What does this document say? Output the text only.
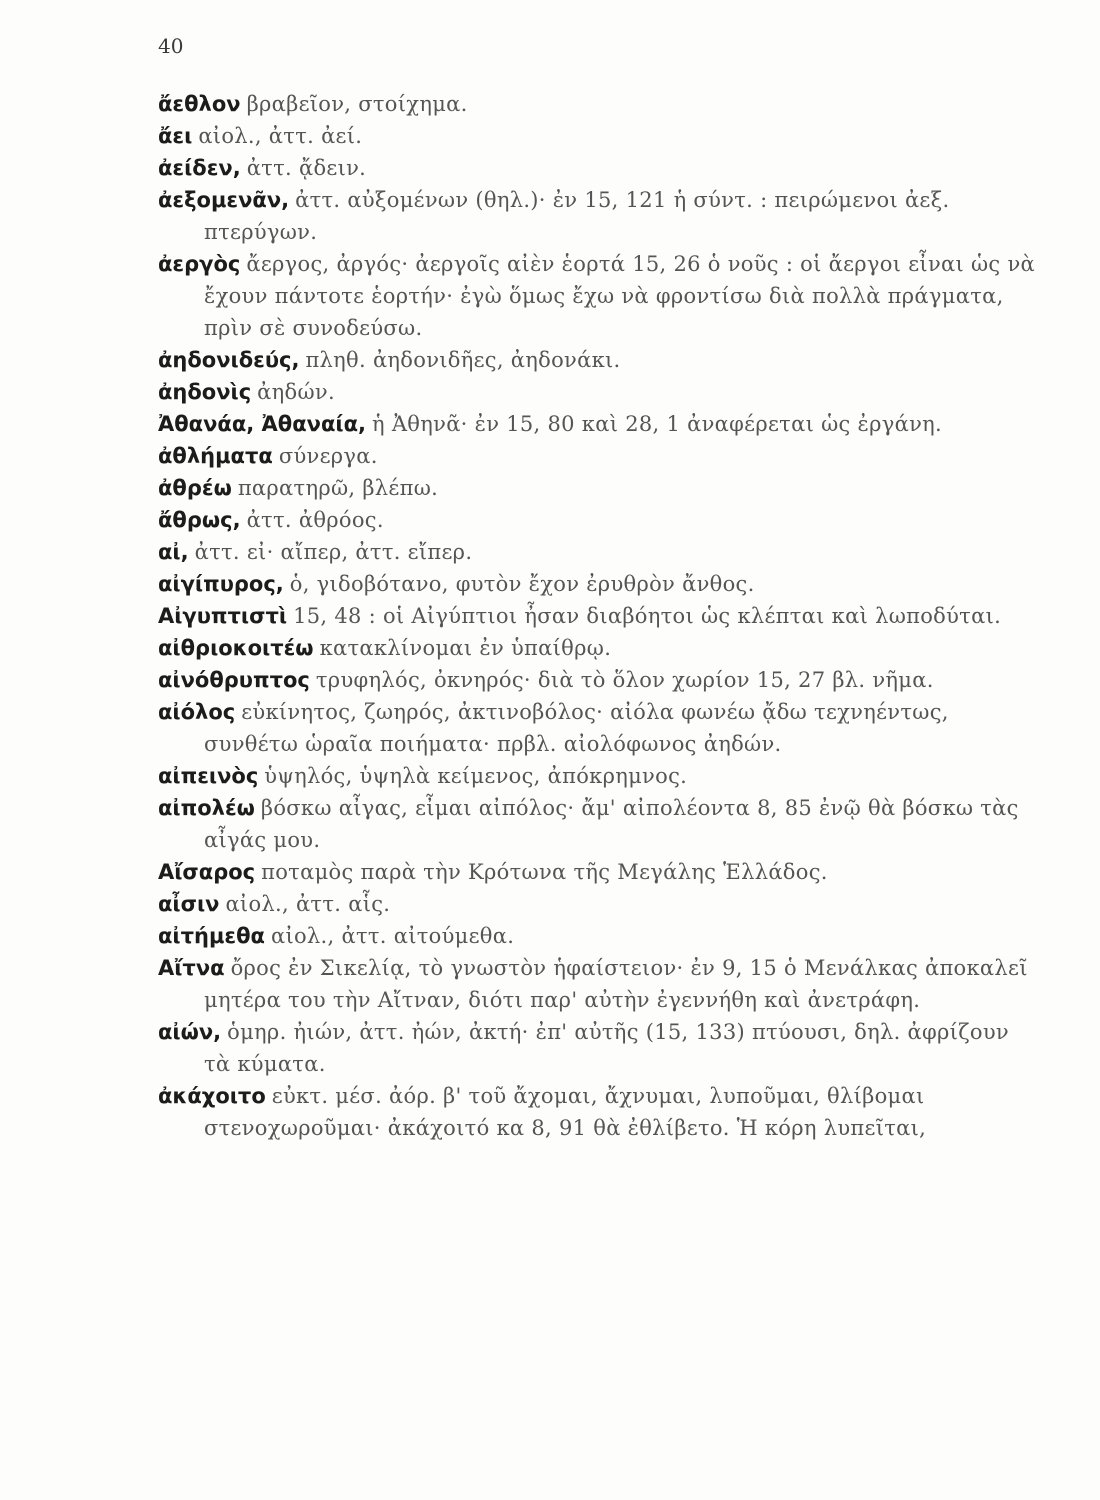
40

ἄεθλον βραβεῖον, στοίχημα.

ἄει αἰολ., ἀττ. ἀεί.

ἀείδεν, ἀττ. ᾄδειν.

ἀεξομενᾶν, ἀττ. αὐξομένων (θηλ.)· ἐν 15, 121 ἡ σύντ. : πειρώμενοι ἀεξ. πτερύγων.

ἀεργὸς ἄεργος, ἀργός· ἀεργοῖς αἰὲν ἑορτά 15, 26 ὁ νοῦς : οἱ ἄεργοι εἶναι ὡς νὰ ἔχουν πάντοτε ἑορτήν· ἐγὼ ὅμως ἔχω νὰ φροντίσω διὰ πολλὰ πράγματα, πρὶν σὲ συνοδεύσω.

ἀηδονιδεύς, πληθ. ἀηδονιδῆες, ἀηδονάκι.

ἀηδονὶς ἀηδών.

Ἀθανάα, Ἀθαναία, ἡ Ἀθηνᾶ· ἐν 15, 80 καὶ 28, 1 ἀναφέρεται ὡς ἐργάνη.

ἀθλήματα σύνεργα.

ἀθρέω παρατηρῶ, βλέπω.

ἄθρως, ἀττ. ἀθρόος.

αἰ, ἀττ. εἰ· αἴπερ, ἀττ. εἴπερ.

αἰγίπυρος, ὁ, γιδοβότανο, φυτὸν ἔχον ἐρυθρὸν ἄνθος.

Αἰγυπτιστὶ 15, 48 : οἱ Αἰγύπτιοι ἦσαν διαβόητοι ὡς κλέπται καὶ λωποδύται.

αἰθριοκοιτέω κατακλίνομαι ἐν ὑπαίθρῳ.

αἰνόθρυπτος τρυφηλός, ὀκνηρός· διὰ τὸ ὅλον χωρίον 15, 27 βλ. νῆμα.

αἰόλος εὐκίνητος, ζωηρός, ἀκτινοβόλος· αἰόλα φωνέω ᾄδω τεχνηέντως, συνθέτω ὡραῖα ποιήματα· πρβλ. αἰολόφωνος ἀηδών.

αἰπεινὸς ὑψηλός, ὑψηλὰ κείμενος, ἀπόκρημνος.

αἰπολέω βόσκω αἶγας, εἶμαι αἰπόλος· ἄμ' αἰπολέοντα 8, 85 ἐνῷ θὰ βόσκω τὰς αἶγάς μου.

Αἴσαρος ποταμὸς παρὰ τὴν Κρότωνα τῆς Μεγάλης Ἑλλάδος.

αἶσιν αἰολ., ἀττ. αἷς.

αἰτήμεθα αἰολ., ἀττ. αἰτούμεθα.

Αἴτνα ὄρος ἐν Σικελίᾳ, τὸ γνωστὸν ἡφαίστειον· ἐν 9, 15 ὁ Μενάλκας ἀποκαλεῖ μητέρα του τὴν Αἴτναν, διότι παρ' αὐτὴν ἐγεννήθη καὶ ἀνετράφη.

αἰών, ὁμηρ. ἠιών, ἀττ. ἠών, ἀκτή· ἐπ' αὐτῆς (15, 133) πτύουσι, δηλ. ἀφρίζουν τὰ κύματα.

ἀκάχοιτο εὐκτ. μέσ. ἀόρ. β' τοῦ ἄχομαι, ἄχνυμαι, λυποῦμαι, θλίβομαι στενοχωροῦμαι· ἀκάχοιτό κα 8, 91 θὰ ἐθλίβετο. Ἡ κόρη λυπεῖται,
